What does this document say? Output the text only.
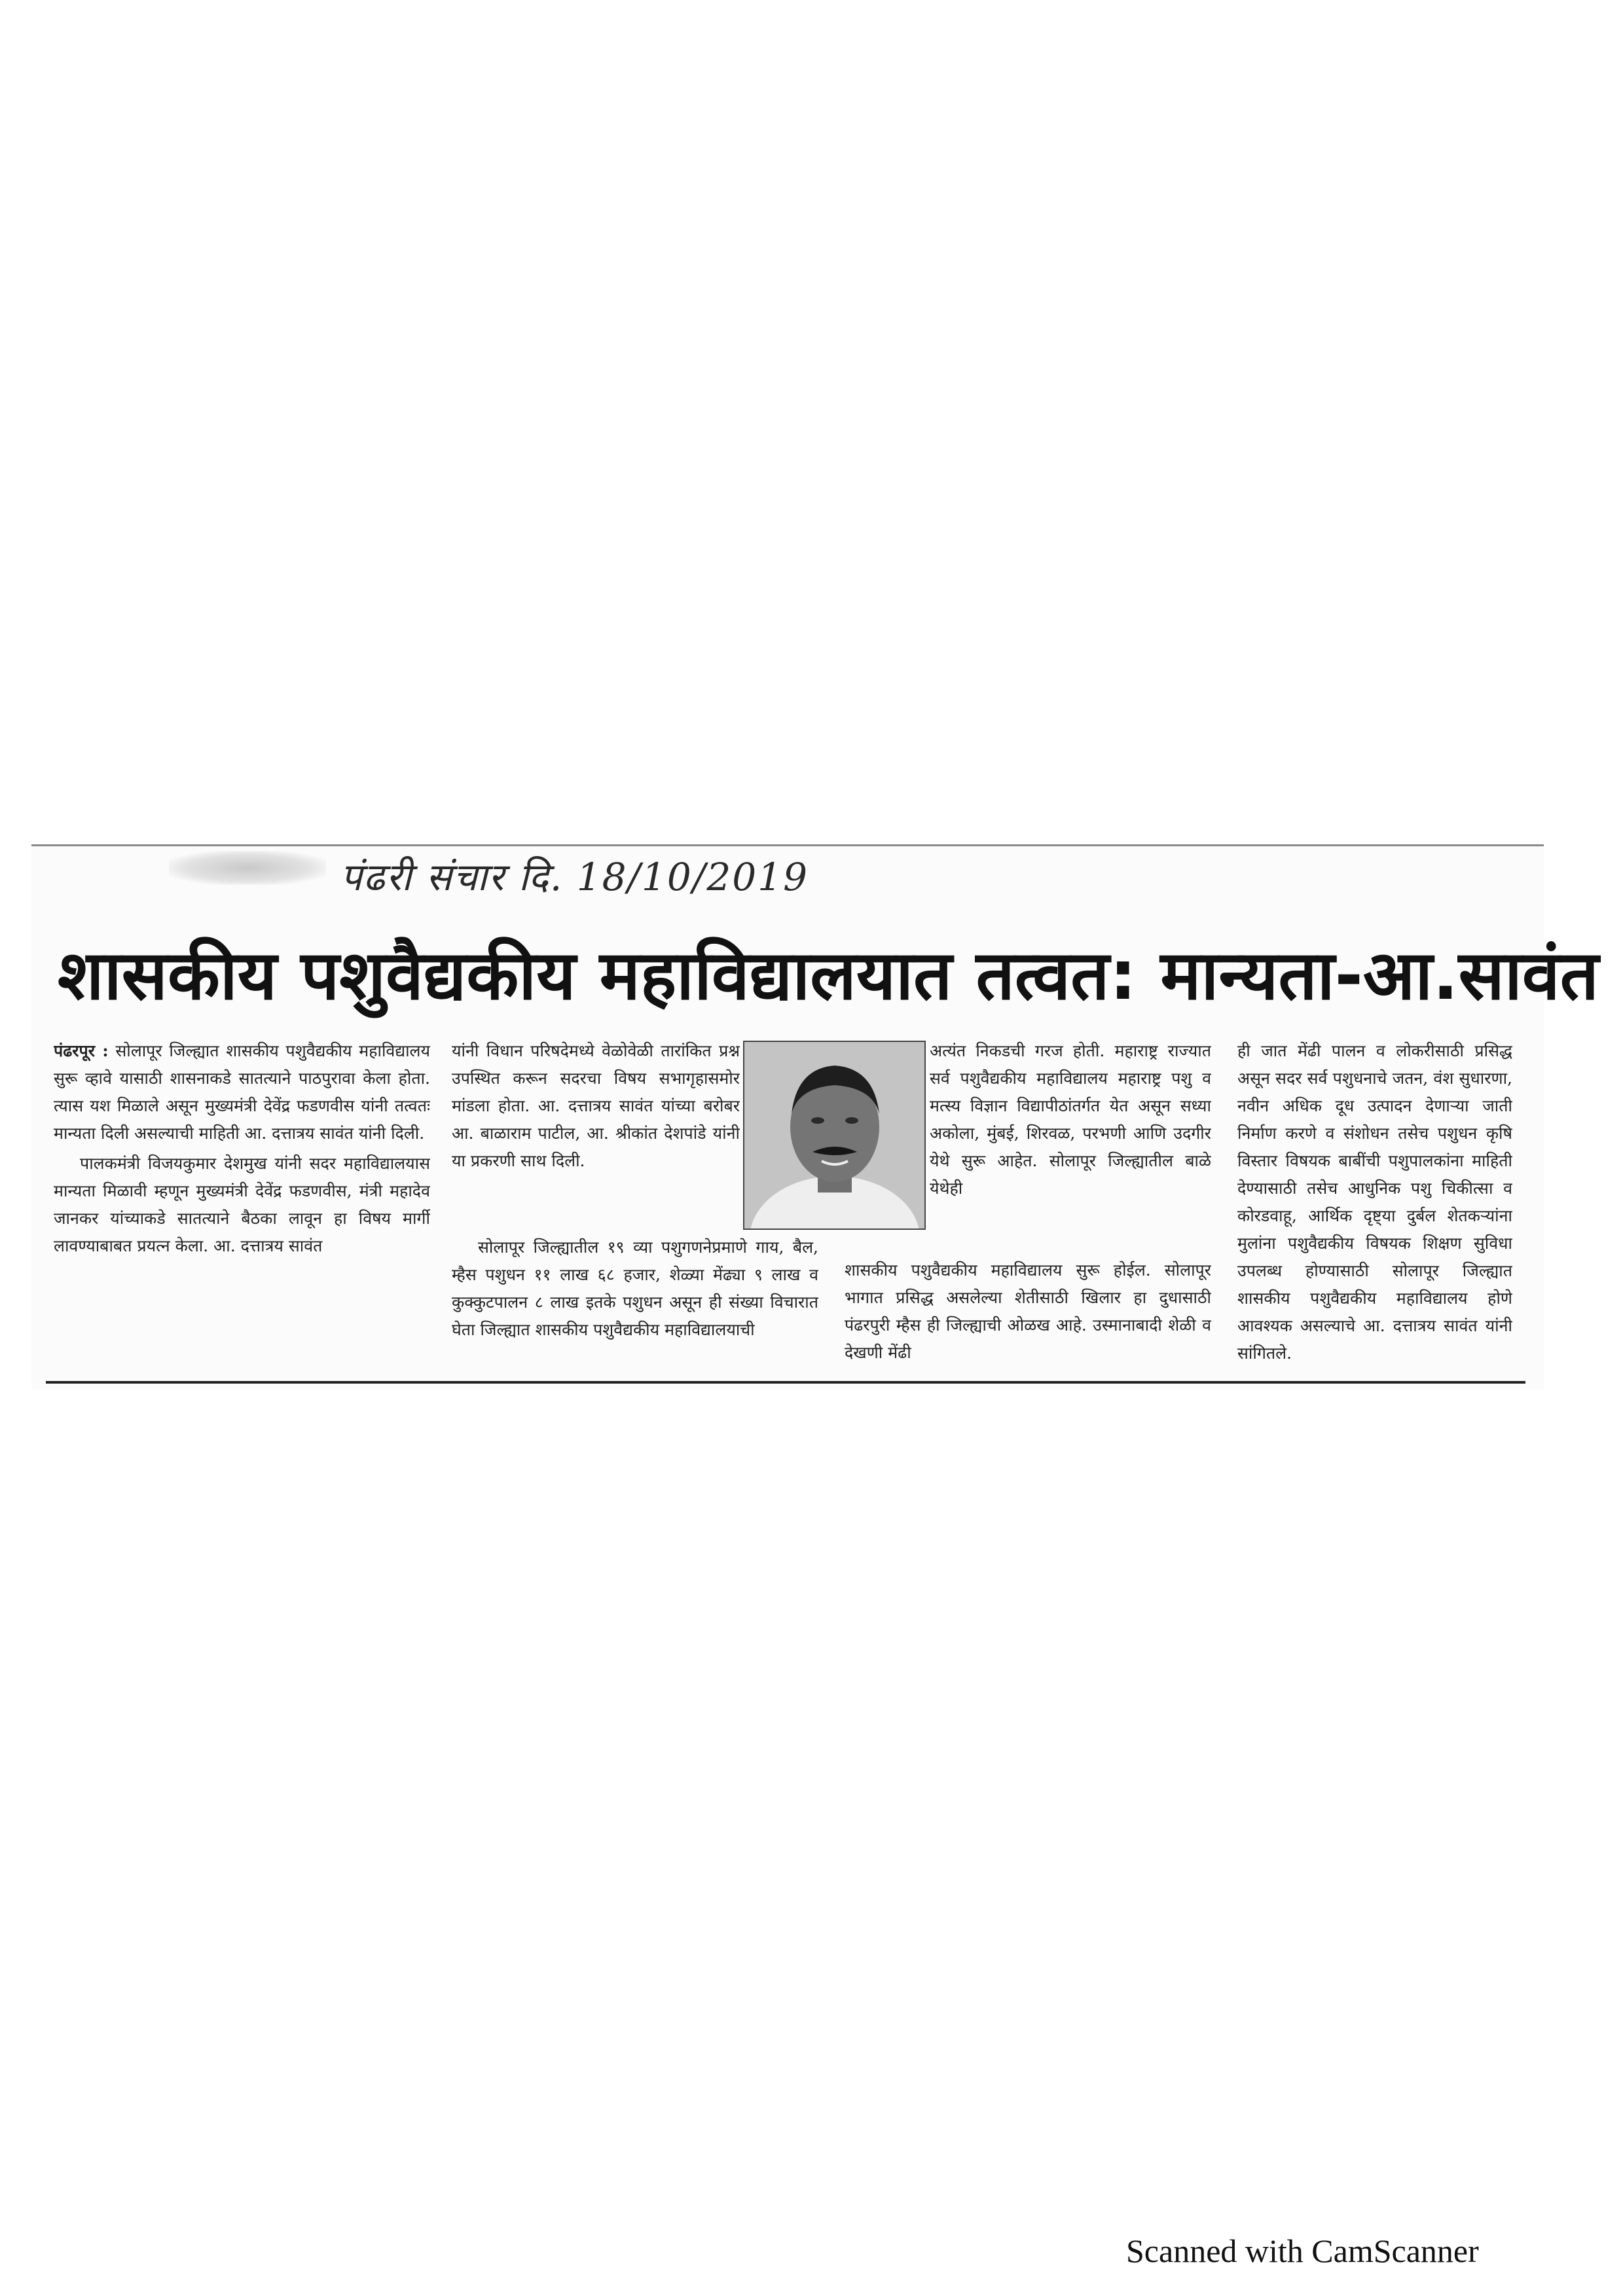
पंढरी संचार दि. 18/10/2019
शासकीय पशुवैद्यकीय महाविद्यालयात तत्वत: मान्यता-आ.सावंत

पंढरपूर : सोलापूर जिल्ह्यात शासकीय पशुवैद्यकीय महाविद्यालय सुरू व्हावे यासाठी शासनाकडे सातत्याने पाठपुरावा केला होता. त्यास यश मिळाले असून मुख्यमंत्री देवेंद्र फडणवीस यांनी तत्वतः मान्यता दिली असल्याची माहिती आ. दत्तात्रय सावंत यांनी दिली.

पालकमंत्री विजयकुमार देशमुख यांनी सदर महाविद्यालयास मान्यता मिळावी म्हणून मुख्यमंत्री देवेंद्र फडणवीस, मंत्री महादेव जानकर यांच्याकडे सातत्याने बैठका लावून हा विषय मार्गी लावण्याबाबत प्रयत्न केला. आ. दत्तात्रय सावंत

यांनी विधान परिषदेमध्ये वेळोवेळी तारांकित प्रश्न उपस्थित करून सदरचा विषय सभागृहासमोर मांडला होता. आ. दत्तात्रय सावंत यांच्या बरोबर आ. बाळाराम पाटील, आ. श्रीकांत देशपांडे यांनी या प्रकरणी साथ दिली.

सोलापूर जिल्ह्यातील १९ व्या पशुगणनेप्रमाणे गाय, बैल, म्हैस पशुधन ११ लाख ६८ हजार, शेळ्या मेंढ्या ९ लाख व कुक्कुटपालन ८ लाख इतके पशुधन असून ही संख्या विचारात घेता जिल्ह्यात शासकीय पशुवैद्यकीय महाविद्यालयाची

अत्यंत निकडची गरज होती. महाराष्ट्र राज्यात सर्व पशुवैद्यकीय महाविद्यालय महाराष्ट्र पशु व मत्स्य विज्ञान विद्यापीठांतर्गत येत असून सध्या अकोला, मुंबई, शिरवळ, परभणी आणि उदगीर येथे सुरू आहेत. सोलापूर जिल्ह्यातील बाळे येथेही

शासकीय पशुवैद्यकीय महाविद्यालय सुरू होईल. सोलापूर भागात प्रसिद्ध असलेल्या शेतीसाठी खिलार हा दुधासाठी पंढरपुरी म्हैस ही जिल्ह्याची ओळख आहे. उस्मानाबादी शेळी व देखणी मेंढी

ही जात मेंढी पालन व लोकरीसाठी प्रसिद्ध असून सदर सर्व पशुधनाचे जतन, वंश सुधारणा, नवीन अधिक दूध उत्पादन देणाऱ्या जाती निर्माण करणे व संशोधन तसेच पशुधन कृषि विस्तार विषयक बाबींची पशुपालकांना माहिती देण्यासाठी तसेच आधुनिक पशु चिकीत्सा व कोरडवाहू, आर्थिक दृष्ट्या दुर्बल शेतकऱ्यांना मुलांना पशुवैद्यकीय विषयक शिक्षण सुविधा उपलब्ध होण्यासाठी सोलापूर जिल्ह्यात शासकीय पशुवैद्यकीय महाविद्यालय होणे आवश्यक असल्याचे आ. दत्तात्रय सावंत यांनी सांगितले.

Scanned with CamScanner
